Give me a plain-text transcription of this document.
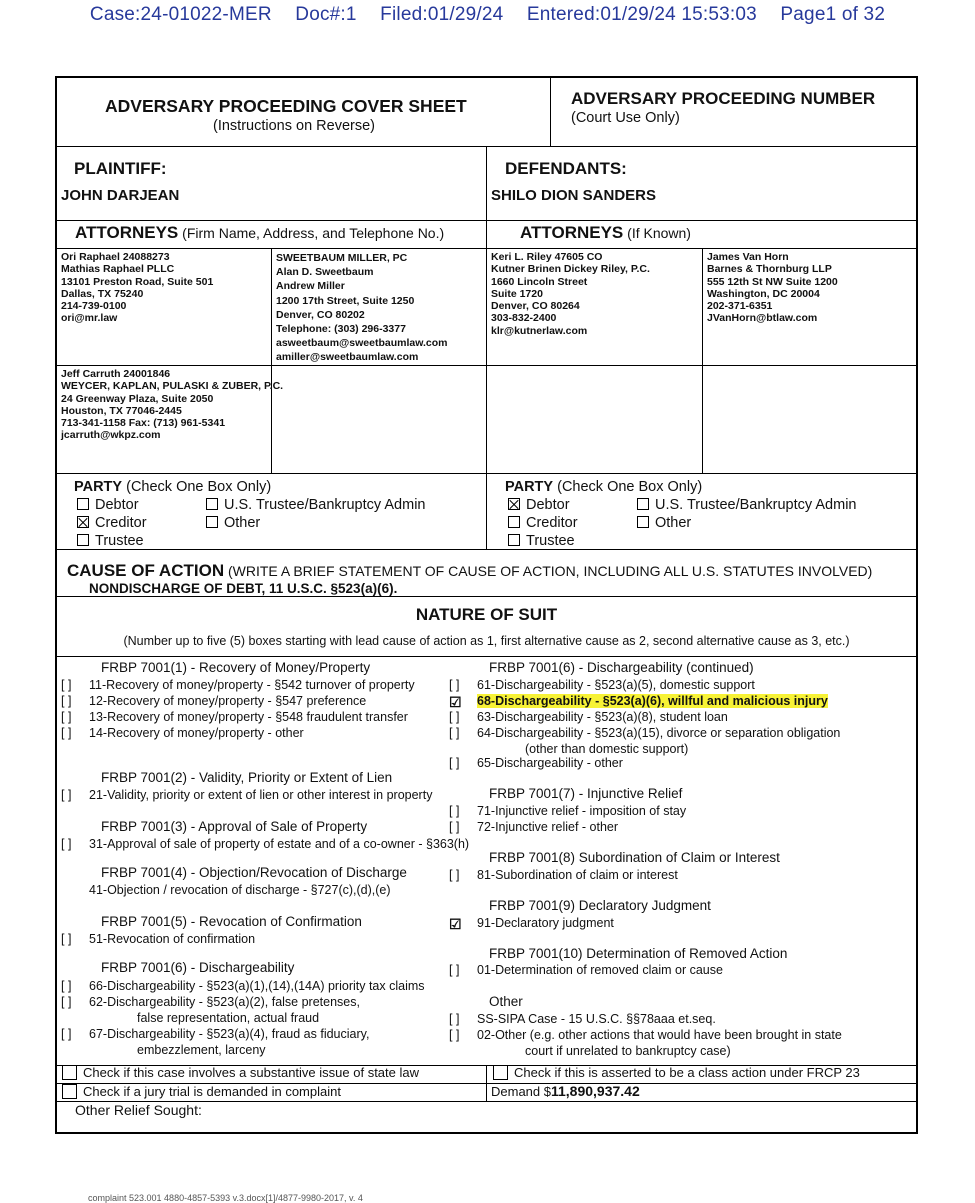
Case:24-01022-MER Doc#:1 Filed:01/29/24 Entered:01/29/24 15:53:03 Page1 of 32
ADVERSARY PROCEEDING COVER SHEET
(Instructions on Reverse)
ADVERSARY PROCEEDING NUMBER
(Court Use Only)
PLAINTIFF:
JOHN DARJEAN
DEFENDANTS:
SHILO DION SANDERS
ATTORNEYS (Firm Name, Address, and Telephone No.)	ATTORNEYS (If Known)
Ori Raphael 24088273
Mathias Raphael PLLC
13101 Preston Road, Suite 501
Dallas, TX 75240
214-739-0100
ori@mr.law
SWEETBAUM MILLER, PC
Alan D. Sweetbaum
Andrew Miller
1200 17th Street, Suite 1250
Denver, CO 80202
Telephone: (303) 296-3377
asweetbaum@sweetbaumlaw.com
amiller@sweetbaumlaw.com
Keri L. Riley 47605 CO
Kutner Brinen Dickey Riley, P.C.
1660 Lincoln Street
Suite 1720
Denver, CO 80264
303-832-2400
klr@kutnerlaw.com
James Van Horn
Barnes & Thornburg LLP
555 12th St NW Suite 1200
Washington, DC 20004
202-371-6351
JVanHorn@btlaw.com
Jeff Carruth 24001846
WEYCER, KAPLAN, PULASKI & ZUBER, P.C.
24 Greenway Plaza, Suite 2050
Houston, TX 77046-2445
713-341-1158 Fax: (713) 961-5341
jcarruth@wkpz.com
PARTY (Check One Box Only)
Debtor
Creditor
Trustee
U.S. Trustee/Bankruptcy Admin
Other
PARTY (Check One Box Only)
Debtor
Creditor
Trustee
U.S. Trustee/Bankruptcy Admin
Other
CAUSE OF ACTION (WRITE A BRIEF STATEMENT OF CAUSE OF ACTION, INCLUDING ALL U.S. STATUTES INVOLVED)
NONDISCHARGE OF DEBT, 11 U.S.C. §523(a)(6).
NATURE OF SUIT
(Number up to five (5) boxes starting with lead cause of action as 1, first alternative cause as 2, second alternative cause as 3, etc.)
FRBP 7001(1) - Recovery of Money/Property
[ ] 11-Recovery of money/property - §542 turnover of property
[ ] 12-Recovery of money/property - §547 preference
[ ] 13-Recovery of money/property - §548 fraudulent transfer
[ ] 14-Recovery of money/property - other
FRBP 7001(2) - Validity, Priority or Extent of Lien
[ ] 21-Validity, priority or extent of lien or other interest in property
FRBP 7001(3) - Approval of Sale of Property
[ ] 31-Approval of sale of property of estate and of a co-owner - §363(h)
FRBP 7001(4) - Objection/Revocation of Discharge
41-Objection / revocation of discharge - §727(c),(d),(e)
FRBP 7001(5) - Revocation of Confirmation
[ ] 51-Revocation of confirmation
FRBP 7001(6) - Dischargeability
[ ] 66-Dischargeability - §523(a)(1),(14),(14A) priority tax claims
[ ] 62-Dischargeability - §523(a)(2), false pretenses,
false representation, actual fraud
[ ] 67-Dischargeability - §523(a)(4), fraud as fiduciary,
embezzlement, larceny
FRBP 7001(6) - Dischargeability (continued)
[ ] 61-Dischargeability - §523(a)(5), domestic support
☑ 68-Dischargeability - §523(a)(6), willful and malicious injury
[ ] 63-Dischargeability - §523(a)(8), student loan
[ ] 64-Dischargeability - §523(a)(15), divorce or separation obligation
(other than domestic support)
[ ] 65-Dischargeability - other
FRBP 7001(7) - Injunctive Relief
[ ] 71-Injunctive relief - imposition of stay
[ ] 72-Injunctive relief - other
FRBP 7001(8) Subordination of Claim or Interest
[ ] 81-Subordination of claim or interest
FRBP 7001(9) Declaratory Judgment
☑ 91-Declaratory judgment
FRBP 7001(10) Determination of Removed Action
[ ] 01-Determination of removed claim or cause
Other
[ ] SS-SIPA Case - 15 U.S.C. §§78aaa et.seq.
[ ] 02-Other (e.g. other actions that would have been brought in state
court if unrelated to bankruptcy case)
Check if this case involves a substantive issue of state law	Check if this is asserted to be a class action under FRCP 23
Check if a jury trial is demanded in complaint	Demand $11,890,937.42
Other Relief Sought:
complaint 523.001 4880-4857-5393 v.3.docx[1]/4877-9980-2017, v. 4
